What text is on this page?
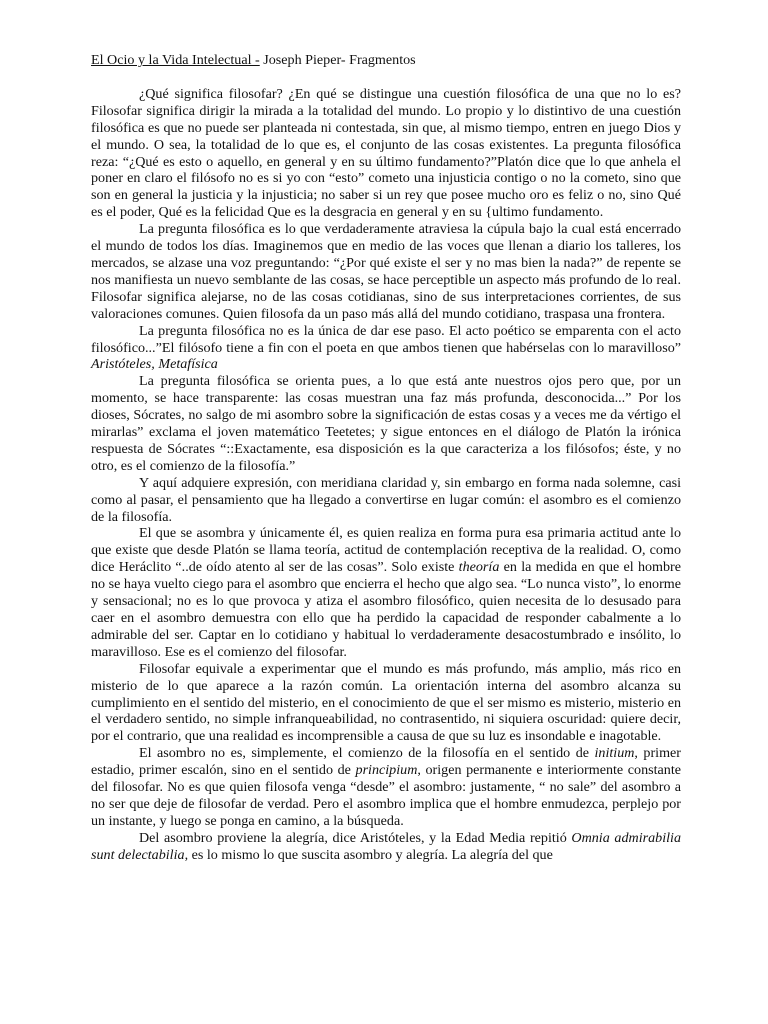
El Ocio y la Vida Intelectual - Joseph Pieper- Fragmentos

¿Qué significa filosofar? ¿En qué se distingue una cuestión filosófica de una que no lo es? Filosofar significa dirigir la mirada a la totalidad del mundo. Lo propio y lo distintivo de una cuestión filosófica es que no puede ser planteada ni contestada, sin que, al mismo tiempo, entren en juego Dios y el mundo. O sea, la totalidad de lo que es, el conjunto de las cosas existentes. La pregunta filosófica reza: “¿Qué es esto o aquello, en general y en su último fundamento?”Platón dice que lo que anhela el poner en claro el filósofo no es si yo con “esto” cometo una injusticia contigo o no la cometo, sino que son en general la justicia y la injusticia; no saber si un rey que posee mucho oro es feliz o no, sino Qué es el poder, Qué es la felicidad Que es la desgracia en general y en su {ultimo fundamento.

La pregunta filosófica es lo que verdaderamente atraviesa la cúpula bajo la cual está encerrado el mundo de todos los días. Imaginemos que en medio de las voces que llenan a diario los talleres, los mercados, se alzase una voz preguntando: “¿Por qué existe el ser y no mas bien la nada?” de repente se nos manifiesta un nuevo semblante de las cosas, se hace perceptible un aspecto más profundo de lo real. Filosofar significa alejarse, no de las cosas cotidianas, sino de sus interpretaciones corrientes, de sus valoraciones comunes. Quien filosofa da un paso más allá del mundo cotidiano, traspasa una frontera.

La pregunta filosófica no es la única de dar ese paso. El acto poético se emparenta con el acto filosófico...”El filósofo tiene a fin con el poeta en que ambos tienen que habérselas con lo maravilloso” Aristóteles, Metafísica

La pregunta filosófica se orienta pues, a lo que está ante nuestros ojos pero que, por un momento, se hace transparente: las cosas muestran una faz más profunda, desconocida...” Por los dioses, Sócrates, no salgo de mi asombro sobre la significación de estas cosas y a veces me da vértigo el mirarlas” exclama el joven matemático Teetetes; y sigue entonces en el diálogo de Platón la irónica respuesta de Sócrates “::Exactamente, esa disposición es la que caracteriza a los filósofos; éste, y no otro, es el comienzo de la filosofía.”

Y aquí adquiere expresión, con meridiana claridad y, sin embargo en forma nada solemne, casi como al pasar, el pensamiento que ha llegado a convertirse en lugar común: el asombro es el comienzo de la filosofía.

El que se asombra y únicamente él, es quien realiza en forma pura esa primaria actitud ante lo que existe que desde Platón se llama teoría, actitud de contemplación receptiva de la realidad. O, como dice Heráclito “..de oído atento al ser de las cosas”. Solo existe theoría en la medida en que el hombre no se haya vuelto ciego para el asombro que encierra el hecho que algo sea. “Lo nunca visto”, lo enorme y sensacional; no es lo que provoca y atiza el asombro filosófico, quien necesita de lo desusado para caer en el asombro demuestra con ello que ha perdido la capacidad de responder cabalmente a lo admirable del ser. Captar en lo cotidiano y habitual lo verdaderamente desacostumbrado e insólito, lo maravilloso. Ese es el comienzo del filosofar.

Filosofar equivale a experimentar que el mundo es más profundo, más amplio, más rico en misterio de lo que aparece a la razón común. La orientación interna del asombro alcanza su cumplimiento en el sentido del misterio, en el conocimiento de que el ser mismo es misterio, misterio en el verdadero sentido, no simple infranqueabilidad, no contrasentido, ni siquiera oscuridad: quiere decir, por el contrario, que una realidad es incomprensible a causa de que su luz es insondable e inagotable.

El asombro no es, simplemente, el comienzo de la filosofía en el sentido de initium, primer estadio, primer escalón, sino en el sentido de principium, origen permanente e interiormente constante del filosofar. No es que quien filosofa venga “desde” el asombro: justamente, “ no sale” del asombro a no ser que deje de filosofar de verdad. Pero el asombro implica que el hombre enmudezca, perplejo por un instante, y luego se ponga en camino, a la búsqueda.

Del asombro proviene la alegría, dice Aristóteles, y la Edad Media repitió Omnia admirabilia sunt delectabilia, es lo mismo lo que suscita asombro y alegría. La alegría del que
